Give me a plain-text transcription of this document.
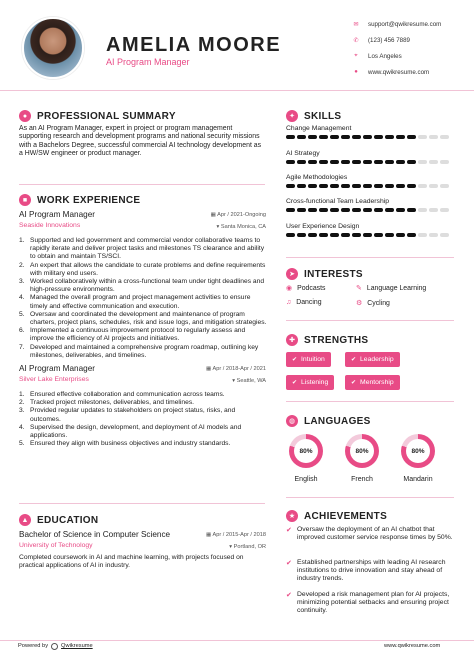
AMELIA MOORE
AI Program Manager
✉ support@qwikresume.com
✆ (123) 456 7889
⌖	Los Angeles
●	www.qwikresume.com
● PROFESSIONAL SUMMARY
As an AI Program Manager, expert in project or program management supporting research and development programs and national security missions with a Bachelors Degree, successful commercial AI technology development as a HW/SW engineer or product manager.
■ WORK EXPERIENCE
AI Program Manager	▦ Apr / 2021-Ongoing
Seaside Innovations	▾ Santa Monica, CA
1. Supported and led government and commercial vendor collaborative teams to rapidly iterate and deliver project tasks and milestones TS clearance and ability to obtain and maintain TS/SCI.
2. An expert that allows the candidate to curate problems and define requirements with military end users.
3. Worked collaboratively within a cross-functional team under tight deadlines and high-pressure environments.
4. Managed the overall program and project management activities to ensure timely and effective communication and execution.
5. Oversaw and coordinated the development and maintenance of program charters, project plans, schedules, risk and issue logs, and mitigation strategies.
6. Implemented a continuous improvement protocol to regularly assess and improve the efficiency of AI projects and initiatives.
7. Developed and maintained a comprehensive program roadmap, outlining key milestones, deliverables, and timelines.
AI Program Manager	▦ Apr / 2018-Apr / 2021
Silver Lake Enterprises	▾ Seattle, WA
1. Ensured effective collaboration and communication across teams.
2. Tracked project milestones, deliverables, and timelines.
3. Provided regular updates to stakeholders on project status, risks, and outcomes.
4. Supervised the design, development, and deployment of AI models and applications.
5. Ensured they align with business objectives and industry standards.
▲ EDUCATION
Bachelor of Science in Computer Science	▦ Apr / 2015-Apr / 2018
University of Technology	▾ Portland, OR
Completed coursework in AI and machine learning, with projects focused on practical applications of AI in industry.
✦ SKILLS
Change Management
AI Strategy
Agile Methodologies
Cross-functional Team Leadership
User Experience Design
➤ INTERESTS
◉ Podcasts	✎ Language Learning
♫ Dancing	⚙ Cycling
✚ STRENGTHS
✔ Intuition	✔ Leadership
✔ Listening	✔ Mentorship
◍ LANGUAGES
80%	80%	80%
English	French	Mandarin
★ ACHIEVEMENTS
✔ Oversaw the deployment of an AI chatbot that improved customer service response times by 50%.
✔ Established partnerships with leading AI research institutions to drive innovation and stay ahead of industry trends.
✔ Developed a risk management plan for AI projects, minimizing potential setbacks and ensuring project continuity.
Powered by Qwikresume	www.qwikresume.com
